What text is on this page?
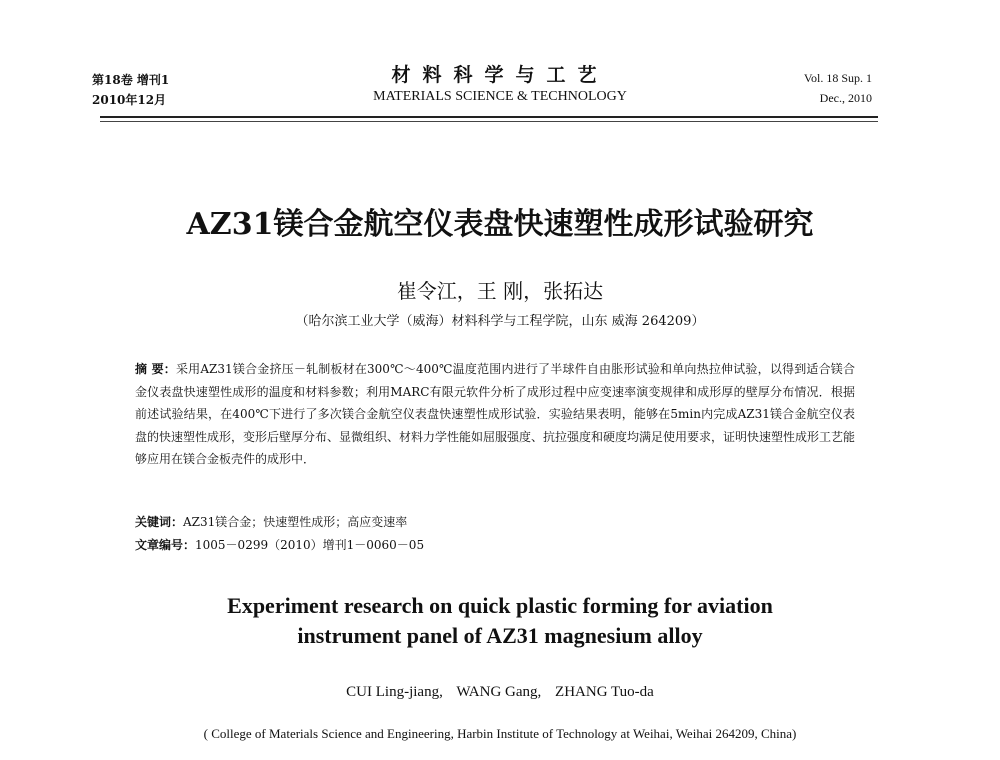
第18卷 增刊1
2010年12月
材料科学与工艺
MATERIALS SCIENCE & TECHNOLOGY
Vol. 18 Sup. 1
Dec., 2010
AZ31镁合金航空仪表盘快速塑性成形试验研究
崔令江，王 刚，张拓达
（哈尔滨工业大学（威海）材料科学与工程学院，山东 威海 264209）
摘 要：采用AZ31镁合金挤压－轧制板材在300℃～400℃温度范围内进行了半球件自由胀形试验和单向热拉伸试验，以得到适合镁合金仪表盘快速塑性成形的温度和材料参数；利用MARC有限元软件分析了成形过程中应变速率演变规律和成形厚的壁厚分布情况．根据前述试验结果，在400℃下进行了多次镁合金航空仪表盘快速塑性成形试验．实验结果表明，能够在5min内完成AZ31镁合金航空仪表盘的快速塑性成形，变形后壁厚分布、显微组织、材料力学性能如屈服强度、抗拉强度和硬度均满足使用要求，证明快速塑性成形工艺能够应用在镁合金板壳件的成形中．
关键词：AZ31镁合金；快速塑性成形；高应变速率
文章编号：1005－0299（2010）增刊1－0060－05
Experiment research on quick plastic forming for aviation
instrument panel of AZ31 magnesium alloy
CUI Ling-jiang, WANG Gang, ZHANG Tuo-da
( College of Materials Science and Engineering, Harbin Institute of Technology at Weihai, Weihai 264209, China)
